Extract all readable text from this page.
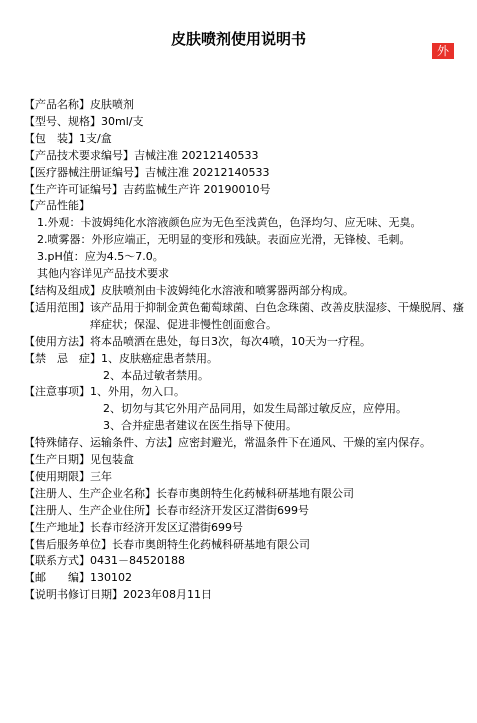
皮肤喷剂使用说明书
外
【产品名称】皮肤喷剂
【型号、规格】30ml/支
【包　装】1支/盒
【产品技术要求编号】吉械注准 20212140533
【医疗器械注册证编号】吉械注准 20212140533
【生产许可证编号】吉药监械生产许 20190010号
【产品性能】
1.外观：卡波姆纯化水溶液颜色应为无色至浅黄色，色泽均匀、应无味、无臭。
2.喷雾器：外形应端正，无明显的变形和残缺。表面应光滑，无锋棱、毛刺。
3.pH值：应为4.5～7.0。
其他内容详见产品技术要求
【结构及组成】皮肤喷剂由卡波姆纯化水溶液和喷雾器两部分构成。
【适用范围】该产品用于抑制金黄色葡萄球菌、白色念珠菌、改善皮肤湿疹、干燥脱屑、瘙痒症状；保湿、促进非慢性创面愈合。
【使用方法】将本品喷洒在患处，每日3次，每次4喷，10天为一疗程。
【禁　忌　症】1、皮肤癌症患者禁用。
2、本品过敏者禁用。
【注意事项】1、外用，勿入口。
2、切勿与其它外用产品同用，如发生局部过敏反应，应停用。
3、合并症患者建议在医生指导下使用。
【特殊储存、运输条件、方法】应密封避光，常温条件下在通风、干燥的室内保存。
【生产日期】见包装盒
【使用期限】三年
【注册人、生产企业名称】长春市奥朗特生化药械科研基地有限公司
【注册人、生产企业住所】长春市经济开发区辽潜街699号
【生产地址】长春市经济开发区辽潜街699号
【售后服务单位】长春市奥朗特生化药械科研基地有限公司
【联系方式】0431－84520188
【邮　　编】130102
【说明书修订日期】2023年08月11日
